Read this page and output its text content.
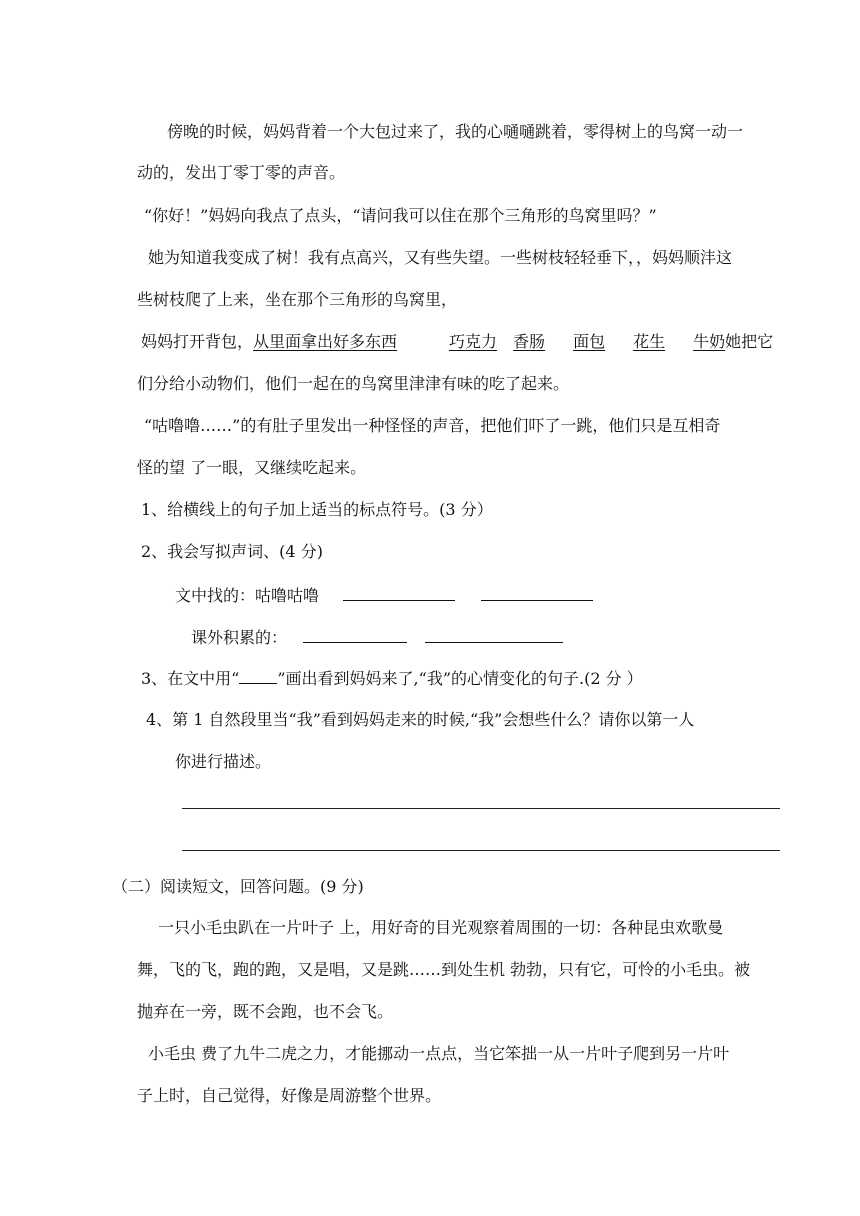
傍晚的时候，妈妈背着一个大包过来了，我的心嗵嗵跳着，零得树上的鸟窝一动一
动的，发出丁零丁零的声音。
“你好！”妈妈向我点了点头，“请问我可以住在那个三角形的鸟窝里吗？”
她为知道我变成了树！我有点高兴，又有些失望。一些树枝轻轻垂下，，妈妈顺沣这
些树枝爬了上来，坐在那个三角形的鸟窝里，
妈妈打开背包，从里面拿出好多东西	巧克力 香肠 面包 花生 牛奶她把它
们分给小动物们，他们一起在的鸟窝里津津有味的吃了起来。
“咕噜噜……”的有肚子里发出一种怪怪的声音，把他们吓了一跳，他们只是互相奇
怪的望 了一眼，又继续吃起来。
1、给横线上的句子加上适当的标点符号。(3 分）
2、我会写拟声词、(4 分)
文中找的：咕噜咕噜
课外积累的：
3、在文中用“ ”画出看到妈妈来了,“我”的心情变化的句子.(2 分 ）
4、第 1 自然段里当“我”看到妈妈走来的时候,“我”会想些什么？请你以第一人
你进行描述。
（二）阅读短文，回答问题。(9 分)
一只小毛虫趴在一片叶子 上，用好奇的目光观察着周围的一切：各种昆虫欢歌曼
舞，飞的飞，跑的跑，又是唱，又是跳……到处生机 勃勃，只有它，可怜的小毛虫。被
抛弃在一旁，既不会跑，也不会飞。
小毛虫 费了九牛二虎之力，才能挪动一点点，当它笨拙一从一片叶子爬到另一片叶
子上时，自己觉得，好像是周游整个世界。
